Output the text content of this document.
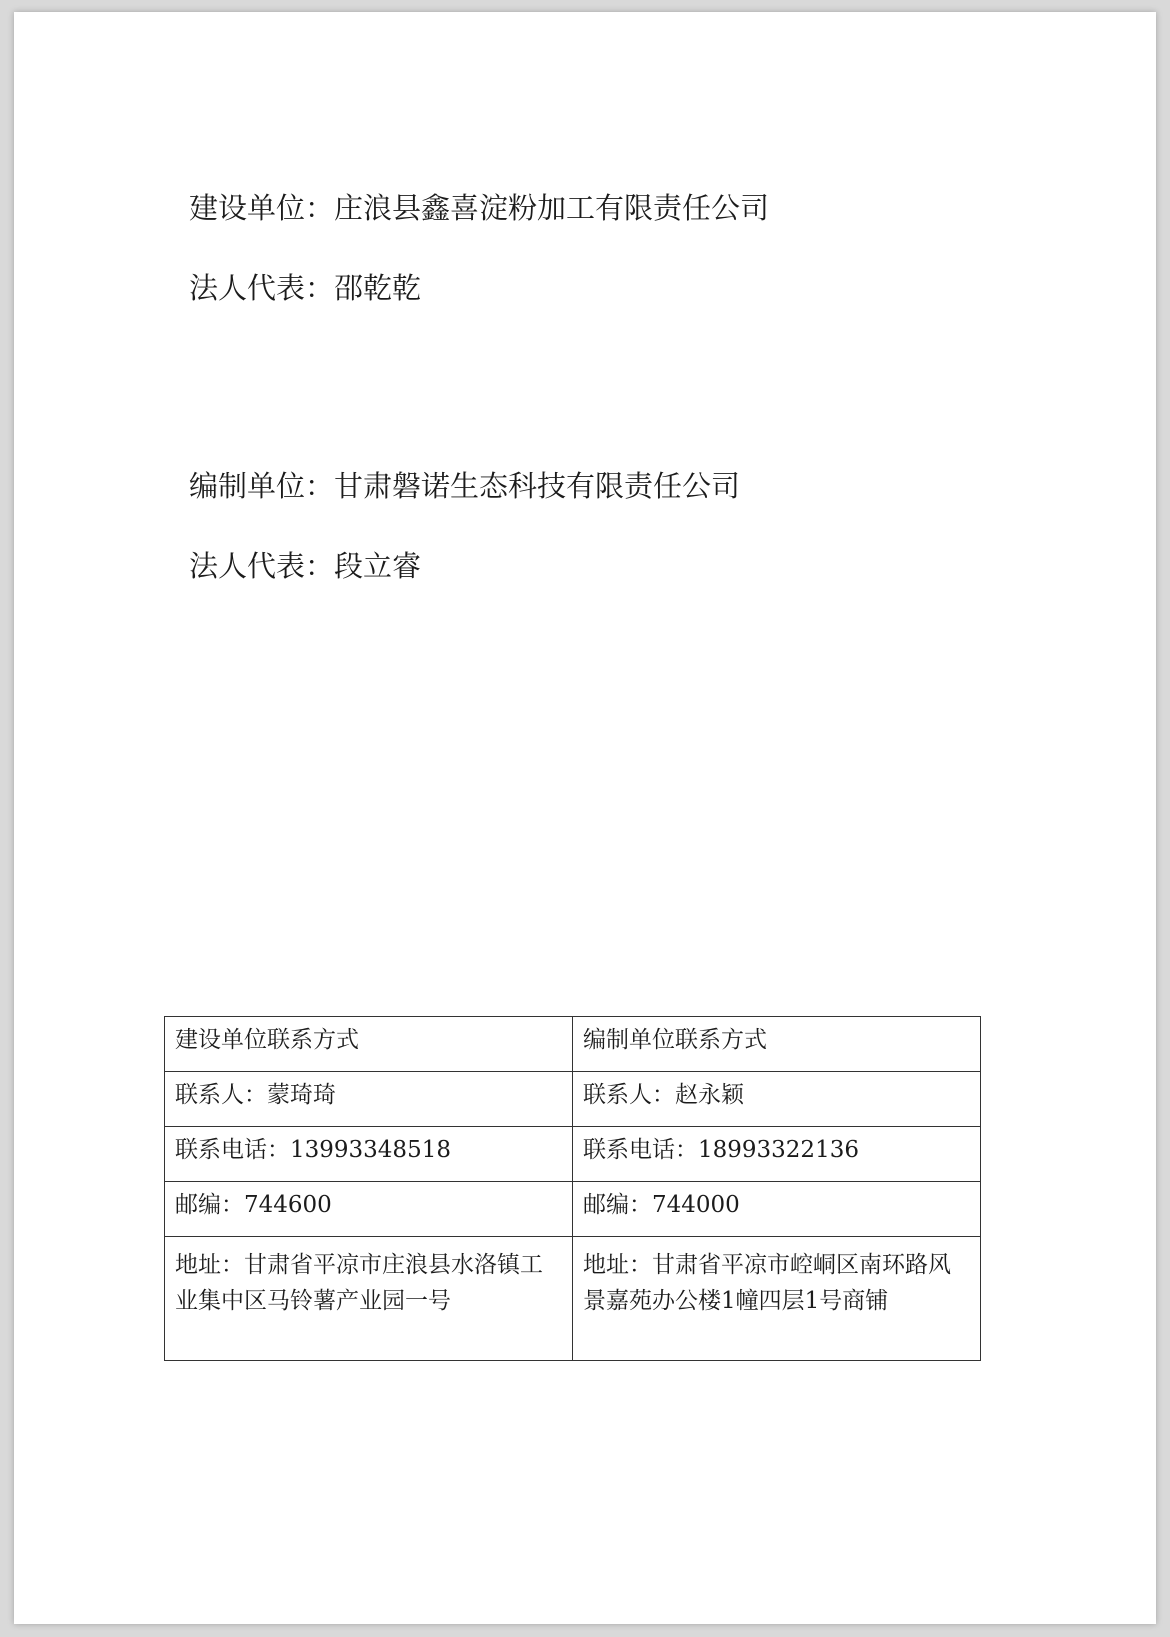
建设单位：庄浪县鑫喜淀粉加工有限责任公司
法人代表：邵乾乾
编制单位：甘肃磐诺生态科技有限责任公司
法人代表：段立睿
建设单位联系方式	编制单位联系方式
联系人：蒙琦琦	联系人：赵永颖
联系电话：13993348518	联系电话：18993322136
邮编：744600	邮编：744000
地址：甘肃省平凉市庄浪县水洛镇工业集中区马铃薯产业园一号	地址：甘肃省平凉市崆峒区南环路风景嘉苑办公楼1幢四层1号商铺
